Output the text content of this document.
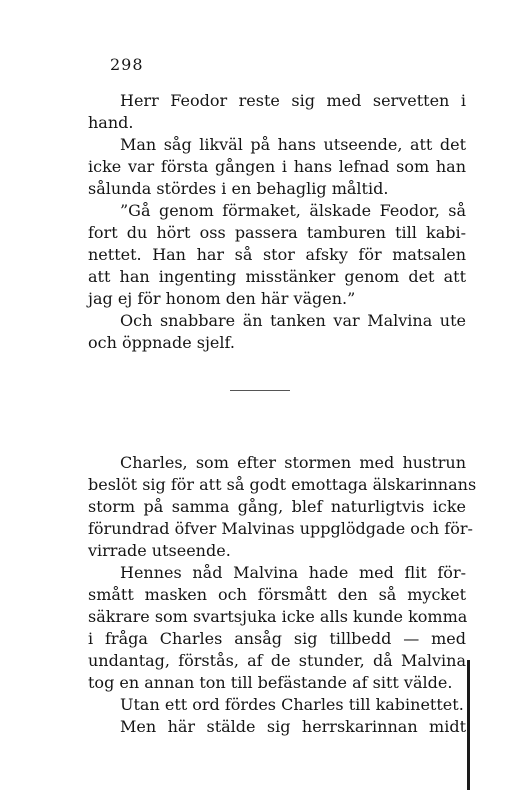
298
Herr Feodor reste sig med servetten i
hand.
Man såg likväl på hans utseende, att det
icke var första gången i hans lefnad som han
sålunda stördes i en behaglig måltid.
”Gå genom förmaket, älskade Feodor, så
fort du hört oss passera tamburen till kabi-
nettet. Han har så stor afsky för matsalen
att han ingenting misstänker genom det att
jag ej för honom den här vägen.”
Och snabbare än tanken var Malvina ute
och öppnade sjelf.
Charles, som efter stormen med hustrun
beslöt sig för att så godt emottaga älskarinnans
storm på samma gång, blef naturligtvis icke
förundrad öfver Malvinas uppglödgade och för-
virrade utseende.
Hennes nåd Malvina hade med flit för-
smått masken och försmått den så mycket
säkrare som svartsjuka icke alls kunde komma
i fråga Charles ansåg sig tillbedd — med
undantag, förstås, af de stunder, då Malvina
tog en annan ton till befästande af sitt välde.
Utan ett ord fördes Charles till kabinettet.
Men här stälde sig herrskarinnan midt
